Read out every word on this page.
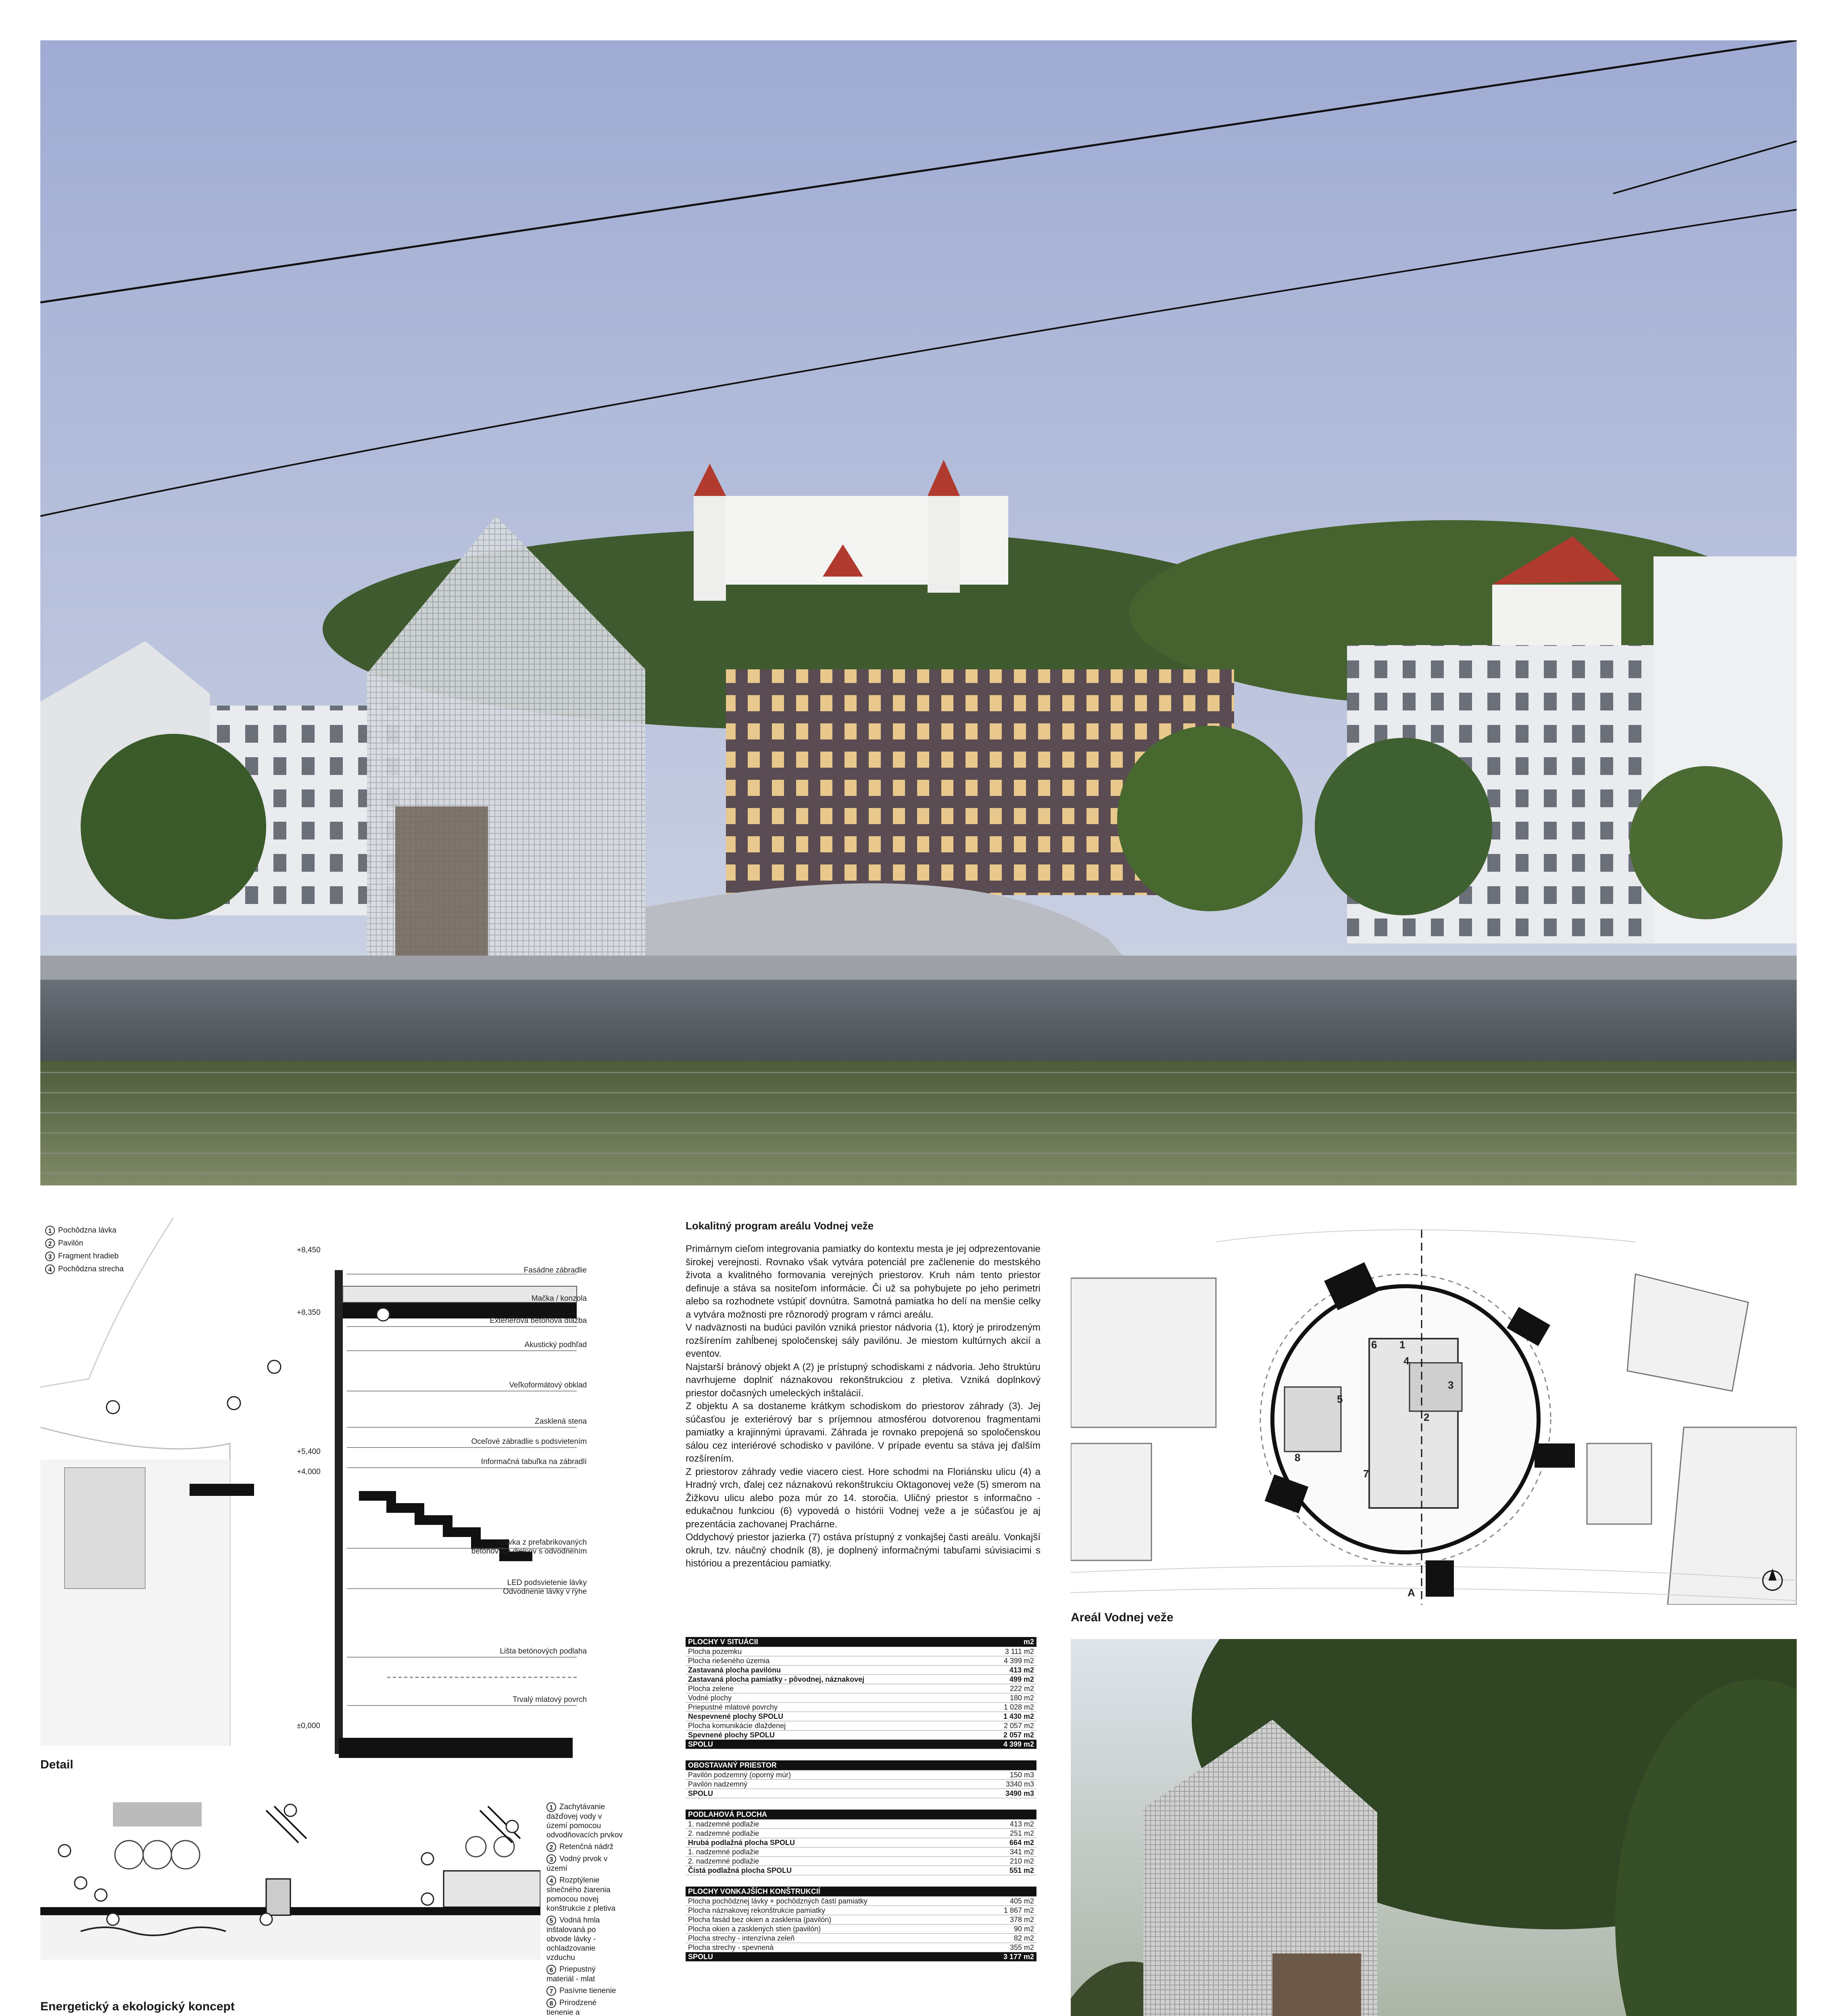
1 Pochôdzna lávka
2 Pavilón
3 Fragment hradieb
4 Pochôdzna strecha
+8,450
+8,350
+5,400
+4,000
±0,000
Fasádne zábradlie
Mačka / konzola
Exteriérová betónová dlažba
Akustický podhľad
Veľkoformátový obklad
Zasklená stena
Oceľové zábradlie s podsvietením
Informačná tabuľka na zábradlí
Lávka z prefabrikovaných betónových dielcov s odvodnením
LED podsvietenie lávky Odvodnenie lávky v rýhe
Lišta betónových podlaha
Trvalý mlatový povrch
Detail
1 Zachytávanie dažďovej vody v území pomocou odvodňovacích prvkov
2 Retenčná nádrž
3 Vodný prvok v území
4 Rozptýlenie slnečného žiarenia pomocou novej konštrukcie z pletiva
5 Vodná hmla inštalovaná po obvode lávky - ochladzovanie vzduchu
6 Priepustný materiál - mlat
7 Pasívne tienenie
8 Prirodzené tienenie a
Energetický a ekologický koncept
Lokalitný program areálu Vodnej veže

Primárnym cieľom integrovania pamiatky do kontextu mesta je jej odprezentovanie širokej verejnosti. Rovnako však vytvára potenciál pre začlenenie do mestského života a kvalitného formovania verejných priestorov. Kruh nám tento priestor definuje a stáva sa nositeľom informácie. Či už sa pohybujete po jeho perimetri alebo sa rozhodnete vstúpiť dovnútra. Samotná pamiatka ho delí na menšie celky a vytvára možnosti pre rôznorodý program v rámci areálu.

V nadväznosti na budúci pavilón vzniká priestor nádvoria (1), ktorý je prirodzeným rozšírením zahĺbenej spoločenskej sály pavilónu. Je miestom kultúrnych akcií a eventov.

Najstarší bránový objekt A (2) je prístupný schodiskami z nádvoria. Jeho štruktúru navrhujeme doplniť náznakovou rekonštrukciou z pletiva. Vzniká doplnkový priestor dočasných umeleckých inštalácií.

Z objektu A sa dostaneme krátkym schodiskom do priestorov záhrady (3). Jej súčasťou je exteriérový bar s príjemnou atmosférou dotvorenou fragmentami pamiatky a krajinnými úpravami. Záhrada je rovnako prepojená so spoločenskou sálou cez interiérové schodisko v pavilóne. V prípade eventu sa stáva jej ďalším rozšírením.

Z priestorov záhrady vedie viacero ciest. Hore schodmi na Floriánsku ulicu (4) a Hradný vrch, ďalej cez náznakovú rekonštrukciu Oktagonovej veže (5) smerom na Žižkovu ulicu alebo poza múr zo 14. storočia. Uličný priestor s informačno - edukačnou funkciou (6) vypovedá o histórii Vodnej veže a je súčasťou je aj prezentácia zachovanej Prachárne.

Oddychový priestor jazierka (7) ostáva prístupný z vonkajšej časti areálu. Vonkajší okruh, tzv. náučný chodník (8), je doplnený informačnými tabuľami súvisiacimi s históriou a prezentáciou pamiatky.

PLOCHY V SITUÁCII	m2
Plocha pozemku	3 111 m2
Plocha riešeného územia	4 399 m2
Zastavaná plocha pavilónu	413 m2
Zastavaná plocha pamiatky - pôvodnej, náznakovej	499 m2
Plocha zelene	222 m2
Vodné plochy	180 m2
Priepustné mlatové povrchy	1 028 m2
Nespevnené plochy SPOLU	1 430 m2
Plocha komunikácie dlaždenej	2 057 m2
Spevnené plochy SPOLU	2 057 m2
SPOLU	4 399 m2
OBOSTAVANÝ PRIESTOR	
Pavilón podzemný (oporný múr)	150 m3
Pavilón nadzemný	3340 m3
SPOLU	3490 m3
PODLAHOVÁ PLOCHA	
1. nadzemné podlažie	413 m2
2. nadzemné podlažie	251 m2
Hrubá podlažná plocha SPOLU	664 m2
1. nadzemné podlažie	341 m2
2. nadzemné podlažie	210 m2
Čistá podlažná plocha SPOLU	551 m2
PLOCHY VONKAJŠÍCH KONŠTRUKCIÍ	
Plocha pochôdznej lávky + pochôdzných častí pamiatky	405 m2
Plocha náznakovej rekonštrukcie pamiatky	1 867 m2
Plocha fasád bez okien a zasklenia (pavilón)	378 m2
Plocha okien a zasklených stien (pavilón)	90 m2
Plocha strechy - intenzívna zeleň	82 m2
Plocha strechy - spevnená	355 m2
SPOLU	3 177 m2
1
2
3
4
5
6
7
8
A
Areál Vodnej veže
